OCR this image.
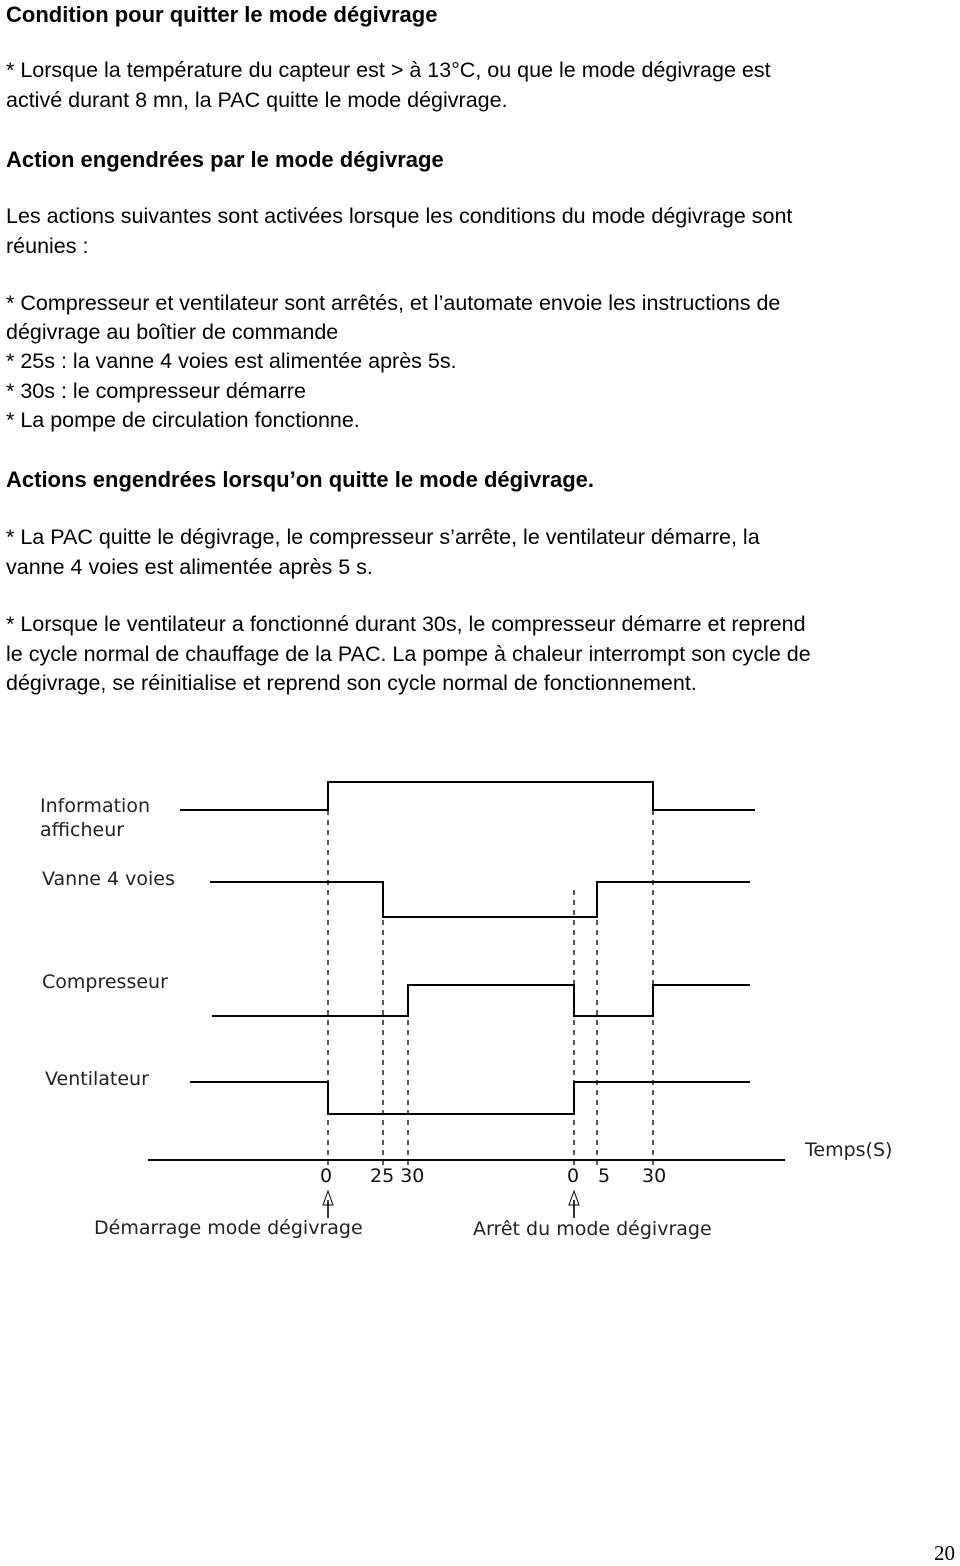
Condition pour quitter le mode dégivrage

* Lorsque la température du capteur est > à 13°C, ou que le mode dégivrage est

activé durant 8 mn, la PAC quitte le mode dégivrage.

Action engendrées par le mode dégivrage

Les actions suivantes sont activées lorsque les conditions du mode dégivrage sont

réunies :

* Compresseur et ventilateur sont arrêtés, et l’automate envoie les instructions de

dégivrage au boîtier de commande

* 25s : la vanne 4 voies est alimentée après 5s.

* 30s : le compresseur démarre

* La pompe de circulation fonctionne.

Actions engendrées lorsqu’on quitte le mode dégivrage.

* La PAC quitte le dégivrage, le compresseur s’arrête, le ventilateur démarre, la

vanne 4 voies est alimentée après 5 s.

* Lorsque le ventilateur a fonctionné durant 30s, le compresseur démarre et reprend

le cycle normal de chauffage de la PAC. La pompe à chaleur interrompt son cycle de

dégivrage, se réinitialise et reprend son cycle normal de fonctionnement.

Information
afficheur
Vanne 4 voies
Compresseur
Ventilateur
Temps(S)
0 25 30	0 5 30
Démarrage mode dégivrage	Arrêt du mode dégivrage
20
